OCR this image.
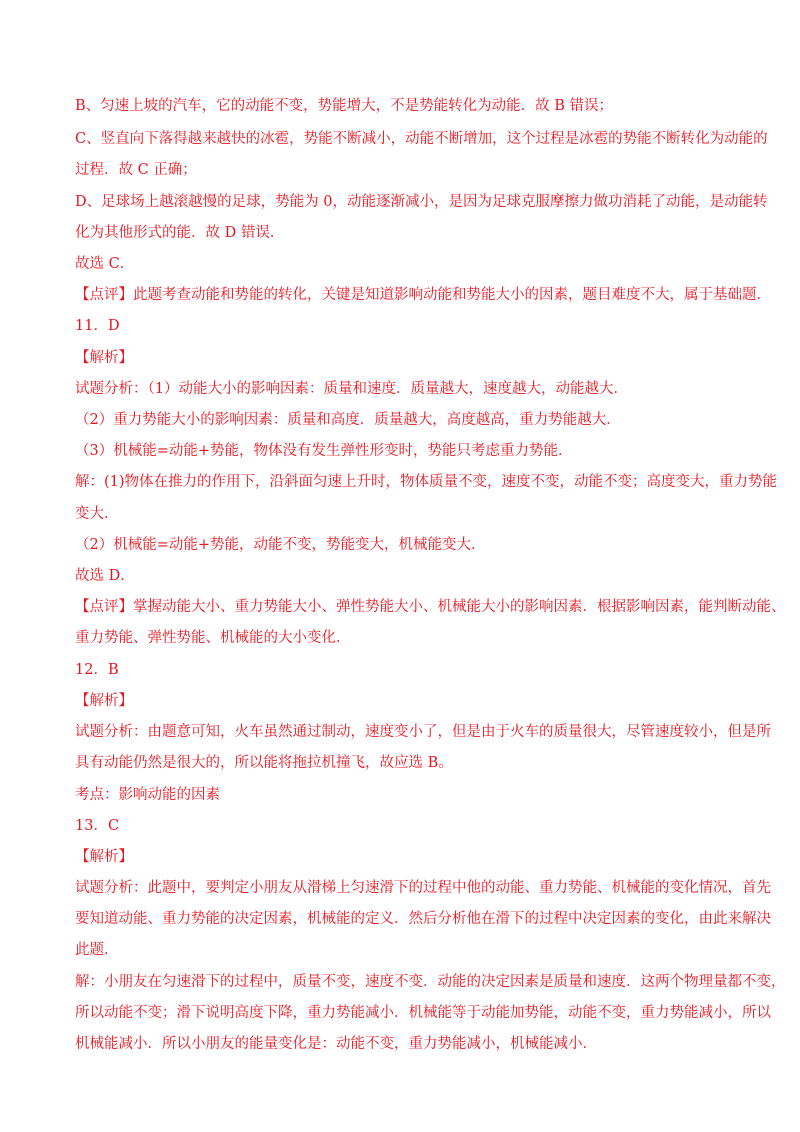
B、匀速上坡的汽车，它的动能不变，势能增大，不是势能转化为动能．故 B 错误；
C、竖直向下落得越来越快的冰雹，势能不断减小，动能不断增加，这个过程是冰雹的势能不断转化为动能的
过程．故 C 正确；
D、足球场上越滚越慢的足球，势能为 0，动能逐渐减小，是因为足球克服摩擦力做功消耗了动能，是动能转
化为其他形式的能．故 D 错误．
故选 C．
【点评】此题考查动能和势能的转化，关键是知道影响动能和势能大小的因素，题目难度不大，属于基础题．
11．D
【解析】
试题分析：（1）动能大小的影响因素：质量和速度．质量越大，速度越大，动能越大．
（2）重力势能大小的影响因素：质量和高度．质量越大，高度越高，重力势能越大．
（3）机械能=动能+势能，物体没有发生弹性形变时，势能只考虑重力势能．
解：(1)物体在推力的作用下，沿斜面匀速上升时，物体质量不变，速度不变，动能不变；高度变大，重力势能
变大．
（2）机械能=动能+势能，动能不变，势能变大，机械能变大．
故选 D．
【点评】掌握动能大小、重力势能大小、弹性势能大小、机械能大小的影响因素．根据影响因素，能判断动能、
重力势能、弹性势能、机械能的大小变化．
12．B
【解析】
试题分析：由题意可知，火车虽然通过制动，速度变小了，但是由于火车的质量很大，尽管速度较小，但是所
具有动能仍然是很大的，所以能将拖拉机撞飞，故应选 B。
考点：影响动能的因素
13．C
【解析】
试题分析：此题中，要判定小朋友从滑梯上匀速滑下的过程中他的动能、重力势能、机械能的变化情况，首先
要知道动能、重力势能的决定因素，机械能的定义．然后分析他在滑下的过程中决定因素的变化，由此来解决
此题．
解：小朋友在匀速滑下的过程中，质量不变，速度不变．动能的决定因素是质量和速度．这两个物理量都不变，
所以动能不变；滑下说明高度下降，重力势能减小．机械能等于动能加势能，动能不变，重力势能减小，所以
机械能减小．所以小朋友的能量变化是：动能不变，重力势能减小，机械能减小．
